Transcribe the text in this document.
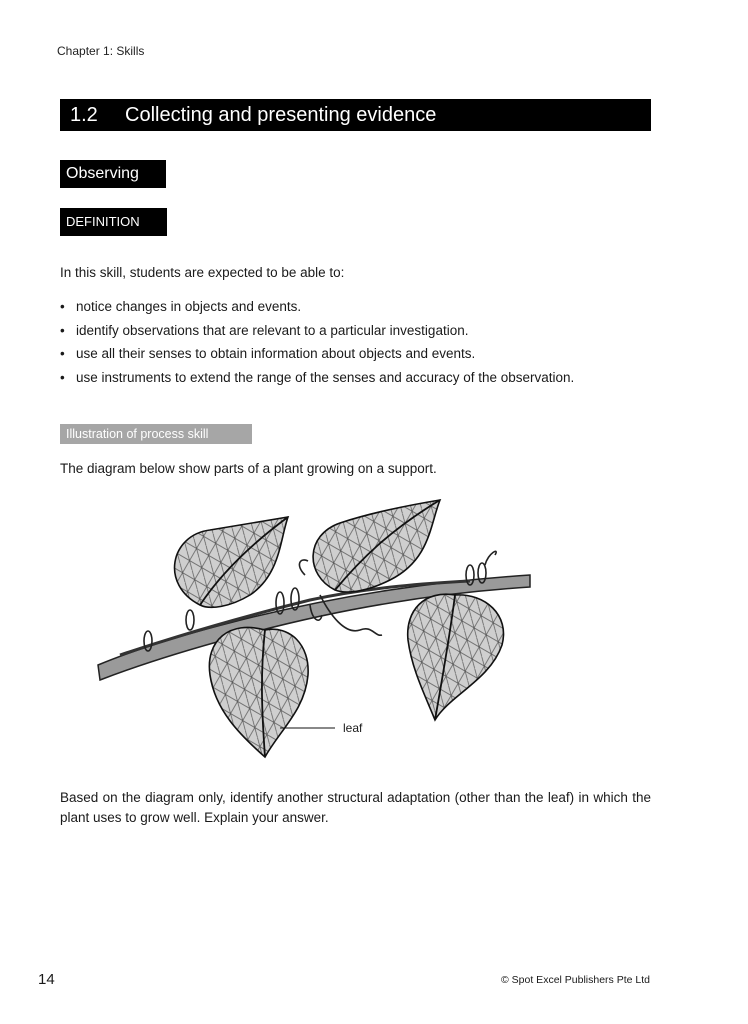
Chapter 1: Skills
1.2 Collecting and presenting evidence
Observing
DEFINITION
In this skill, students are expected to be able to:
• notice changes in objects and events.
• identify observations that are relevant to a particular investigation.
• use all their senses to obtain information about objects and events.
• use instruments to extend the range of the senses and accuracy of the observation.
Illustration of process skill
The diagram below show parts of a plant growing on a support.
leaf
Based on the diagram only, identify another structural adaptation (other than the leaf) in which the plant uses to grow well. Explain your answer.
14	© Spot Excel Publishers Pte Ltd
